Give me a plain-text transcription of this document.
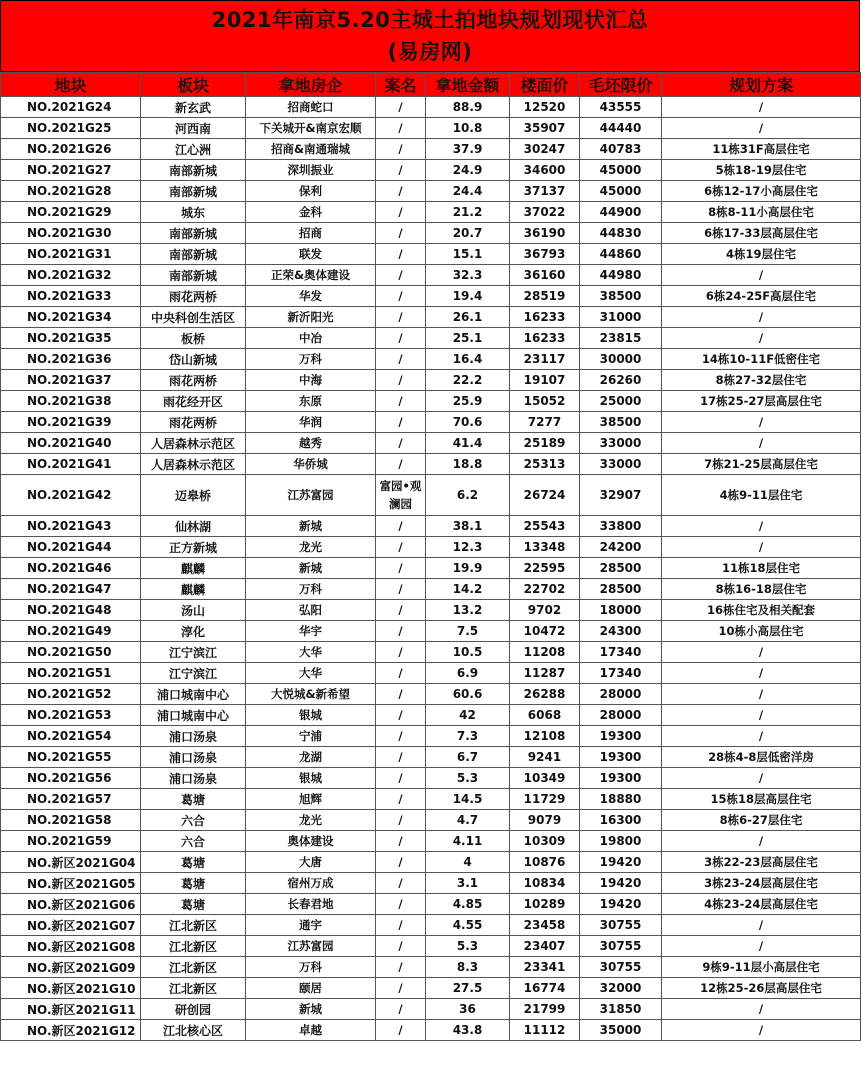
2021年南京5.20主城土拍地块规划现状汇总
(易房网)
地块	板块	拿地房企	案名	拿地金额	楼面价	毛坯限价	规划方案
NO.2021G24	新玄武	招商蛇口	/	88.9	12520	43555	/
NO.2021G25	河西南	下关城开&南京宏顺	/	10.8	35907	44440	/
NO.2021G26	江心洲	招商&南通瑞城	/	37.9	30247	40783	11栋31F高层住宅
NO.2021G27	南部新城	深圳振业	/	24.9	34600	45000	5栋18-19层住宅
NO.2021G28	南部新城	保利	/	24.4	37137	45000	6栋12-17小高层住宅
NO.2021G29	城东	金科	/	21.2	37022	44900	8栋8-11小高层住宅
NO.2021G30	南部新城	招商	/	20.7	36190	44830	6栋17-33层高层住宅
NO.2021G31	南部新城	联发	/	15.1	36793	44860	4栋19层住宅
NO.2021G32	南部新城	正荣&奥体建设	/	32.3	36160	44980	/
NO.2021G33	雨花两桥	华发	/	19.4	28519	38500	6栋24-25F高层住宅
NO.2021G34	中央科创生活区	新沂阳光	/	26.1	16233	31000	/
NO.2021G35	板桥	中冶	/	25.1	16233	23815	/
NO.2021G36	岱山新城	万科	/	16.4	23117	30000	14栋10-11F低密住宅
NO.2021G37	雨花两桥	中海	/	22.2	19107	26260	8栋27-32层住宅
NO.2021G38	雨花经开区	东原	/	25.9	15052	25000	17栋25-27层高层住宅
NO.2021G39	雨花两桥	华润	/	70.6	7277	38500	/
NO.2021G40	人居森林示范区	越秀	/	41.4	25189	33000	/
NO.2021G41	人居森林示范区	华侨城	/	18.8	25313	33000	7栋21-25层高层住宅
NO.2021G42	迈皋桥	江苏富园	富园•观澜园	6.2	26724	32907	4栋9-11层住宅
NO.2021G43	仙林湖	新城	/	38.1	25543	33800	/
NO.2021G44	正方新城	龙光	/	12.3	13348	24200	/
NO.2021G46	麒麟	新城	/	19.9	22595	28500	11栋18层住宅
NO.2021G47	麒麟	万科	/	14.2	22702	28500	8栋16-18层住宅
NO.2021G48	汤山	弘阳	/	13.2	9702	18000	16栋住宅及相关配套
NO.2021G49	淳化	华宇	/	7.5	10472	24300	10栋小高层住宅
NO.2021G50	江宁滨江	大华	/	10.5	11208	17340	/
NO.2021G51	江宁滨江	大华	/	6.9	11287	17340	/
NO.2021G52	浦口城南中心	大悦城&新希望	/	60.6	26288	28000	/
NO.2021G53	浦口城南中心	银城	/	42	6068	28000	/
NO.2021G54	浦口汤泉	宁浦	/	7.3	12108	19300	/
NO.2021G55	浦口汤泉	龙湖	/	6.7	9241	19300	28栋4-8层低密洋房
NO.2021G56	浦口汤泉	银城	/	5.3	10349	19300	/
NO.2021G57	葛塘	旭辉	/	14.5	11729	18880	15栋18层高层住宅
NO.2021G58	六合	龙光	/	4.7	9079	16300	8栋6-27层住宅
NO.2021G59	六合	奥体建设	/	4.11	10309	19800	/
NO.新区2021G04	葛塘	大唐	/	4	10876	19420	3栋22-23层高层住宅
NO.新区2021G05	葛塘	宿州万成	/	3.1	10834	19420	3栋23-24层高层住宅
NO.新区2021G06	葛塘	长春君地	/	4.85	10289	19420	4栋23-24层高层住宅
NO.新区2021G07	江北新区	通宇	/	4.55	23458	30755	/
NO.新区2021G08	江北新区	江苏富园	/	5.3	23407	30755	/
NO.新区2021G09	江北新区	万科	/	8.3	23341	30755	9栋9-11层小高层住宅
NO.新区2021G10	江北新区	颐居	/	27.5	16774	32000	12栋25-26层高层住宅
NO.新区2021G11	研创园	新城	/	36	21799	31850	/
NO.新区2021G12	江北核心区	卓越	/	43.8	11112	35000	/
